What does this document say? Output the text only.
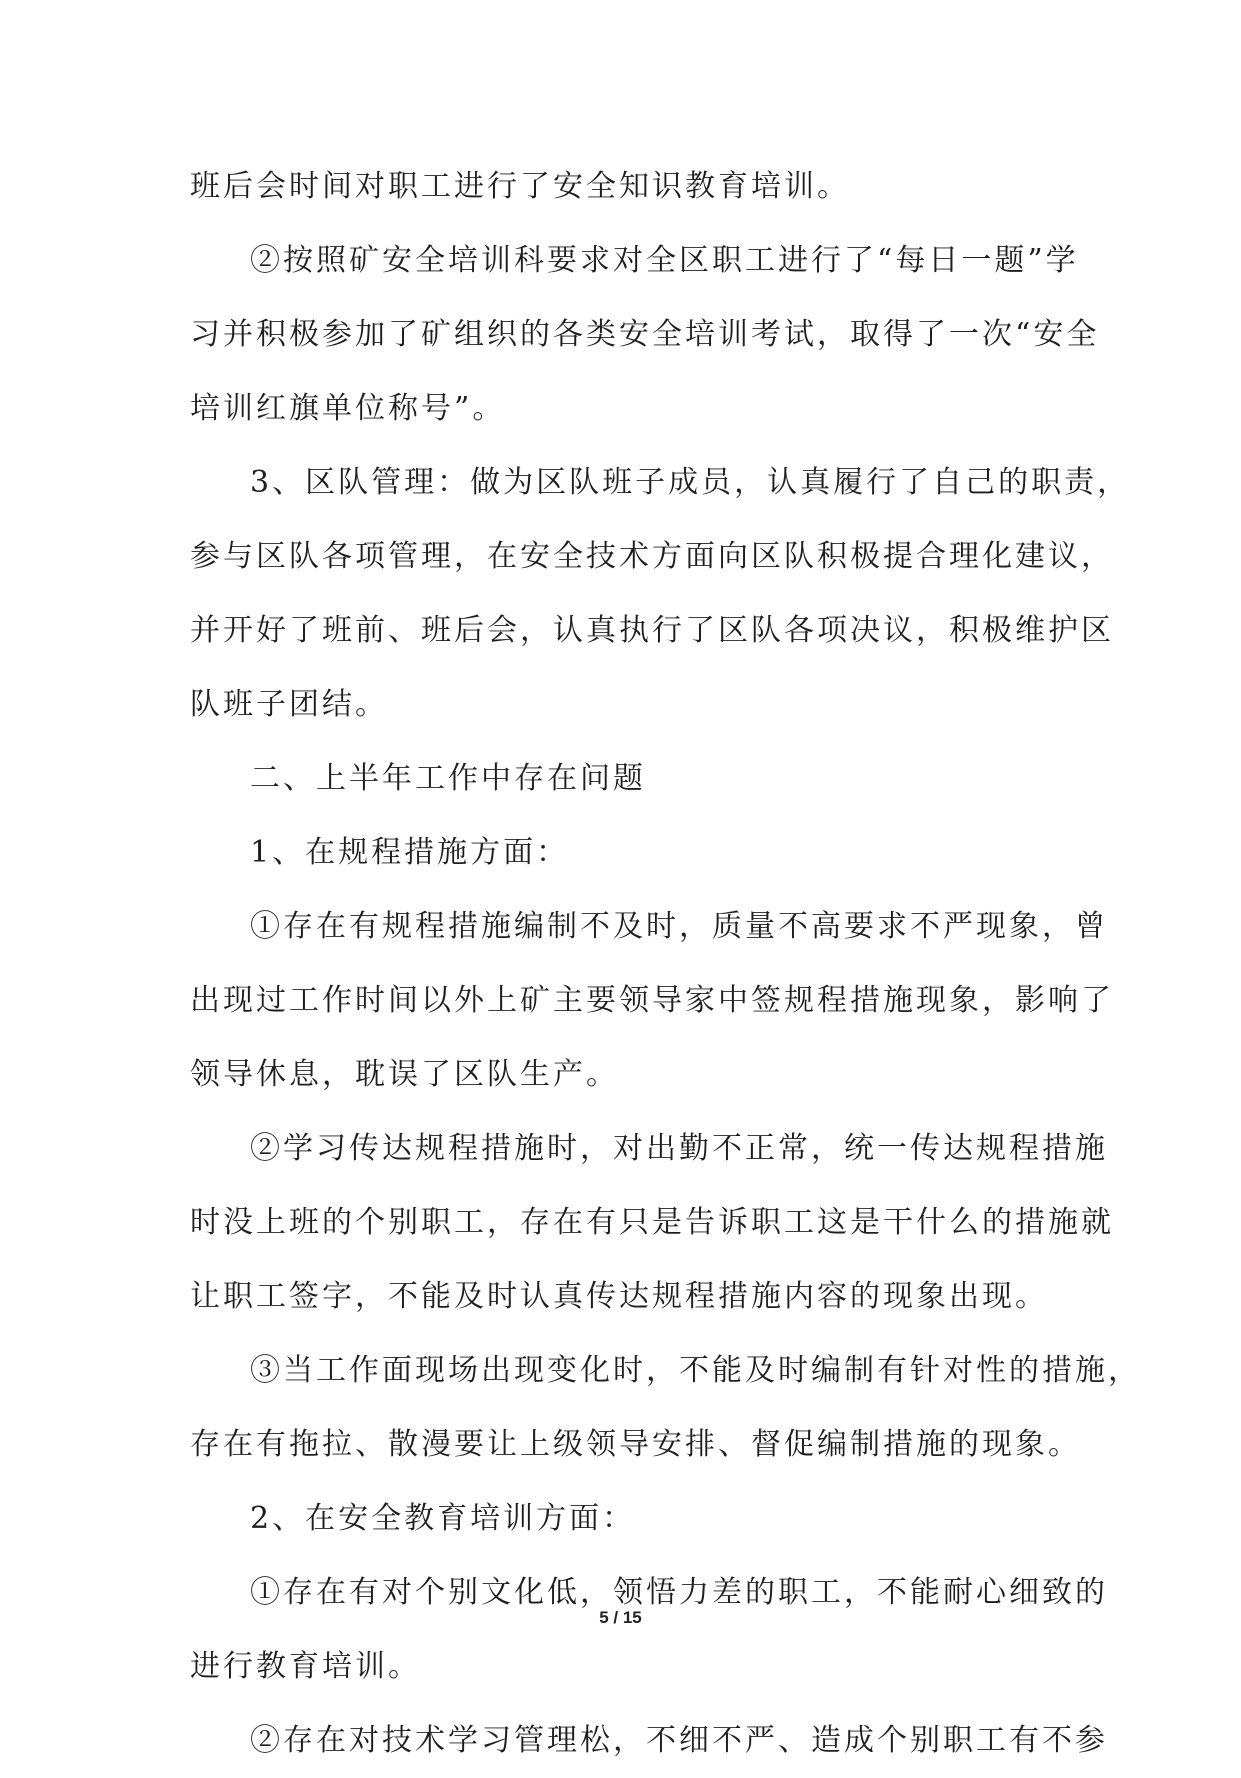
班后会时间对职工进行了安全知识教育培训。
②按照矿安全培训科要求对全区职工进行了“每日一题”学
习并积极参加了矿组织的各类安全培训考试，取得了一次“安全
培训红旗单位称号”。
3、区队管理：做为区队班子成员，认真履行了自己的职责，
参与区队各项管理，在安全技术方面向区队积极提合理化建议，
并开好了班前、班后会，认真执行了区队各项决议，积极维护区
队班子团结。
二、上半年工作中存在问题
1、在规程措施方面：
①存在有规程措施编制不及时，质量不高要求不严现象，曾
出现过工作时间以外上矿主要领导家中签规程措施现象，影响了
领导休息，耽误了区队生产。
②学习传达规程措施时，对出勤不正常，统一传达规程措施
时没上班的个别职工，存在有只是告诉职工这是干什么的措施就
让职工签字，不能及时认真传达规程措施内容的现象出现。
③当工作面现场出现变化时，不能及时编制有针对性的措施，
存在有拖拉、散漫要让上级领导安排、督促编制措施的现象。
2、在安全教育培训方面：
①存在有对个别文化低，领悟力差的职工，不能耐心细致的
进行教育培训。
②存在对技术学习管理松，不细不严、造成个别职工有不参
5 / 15
